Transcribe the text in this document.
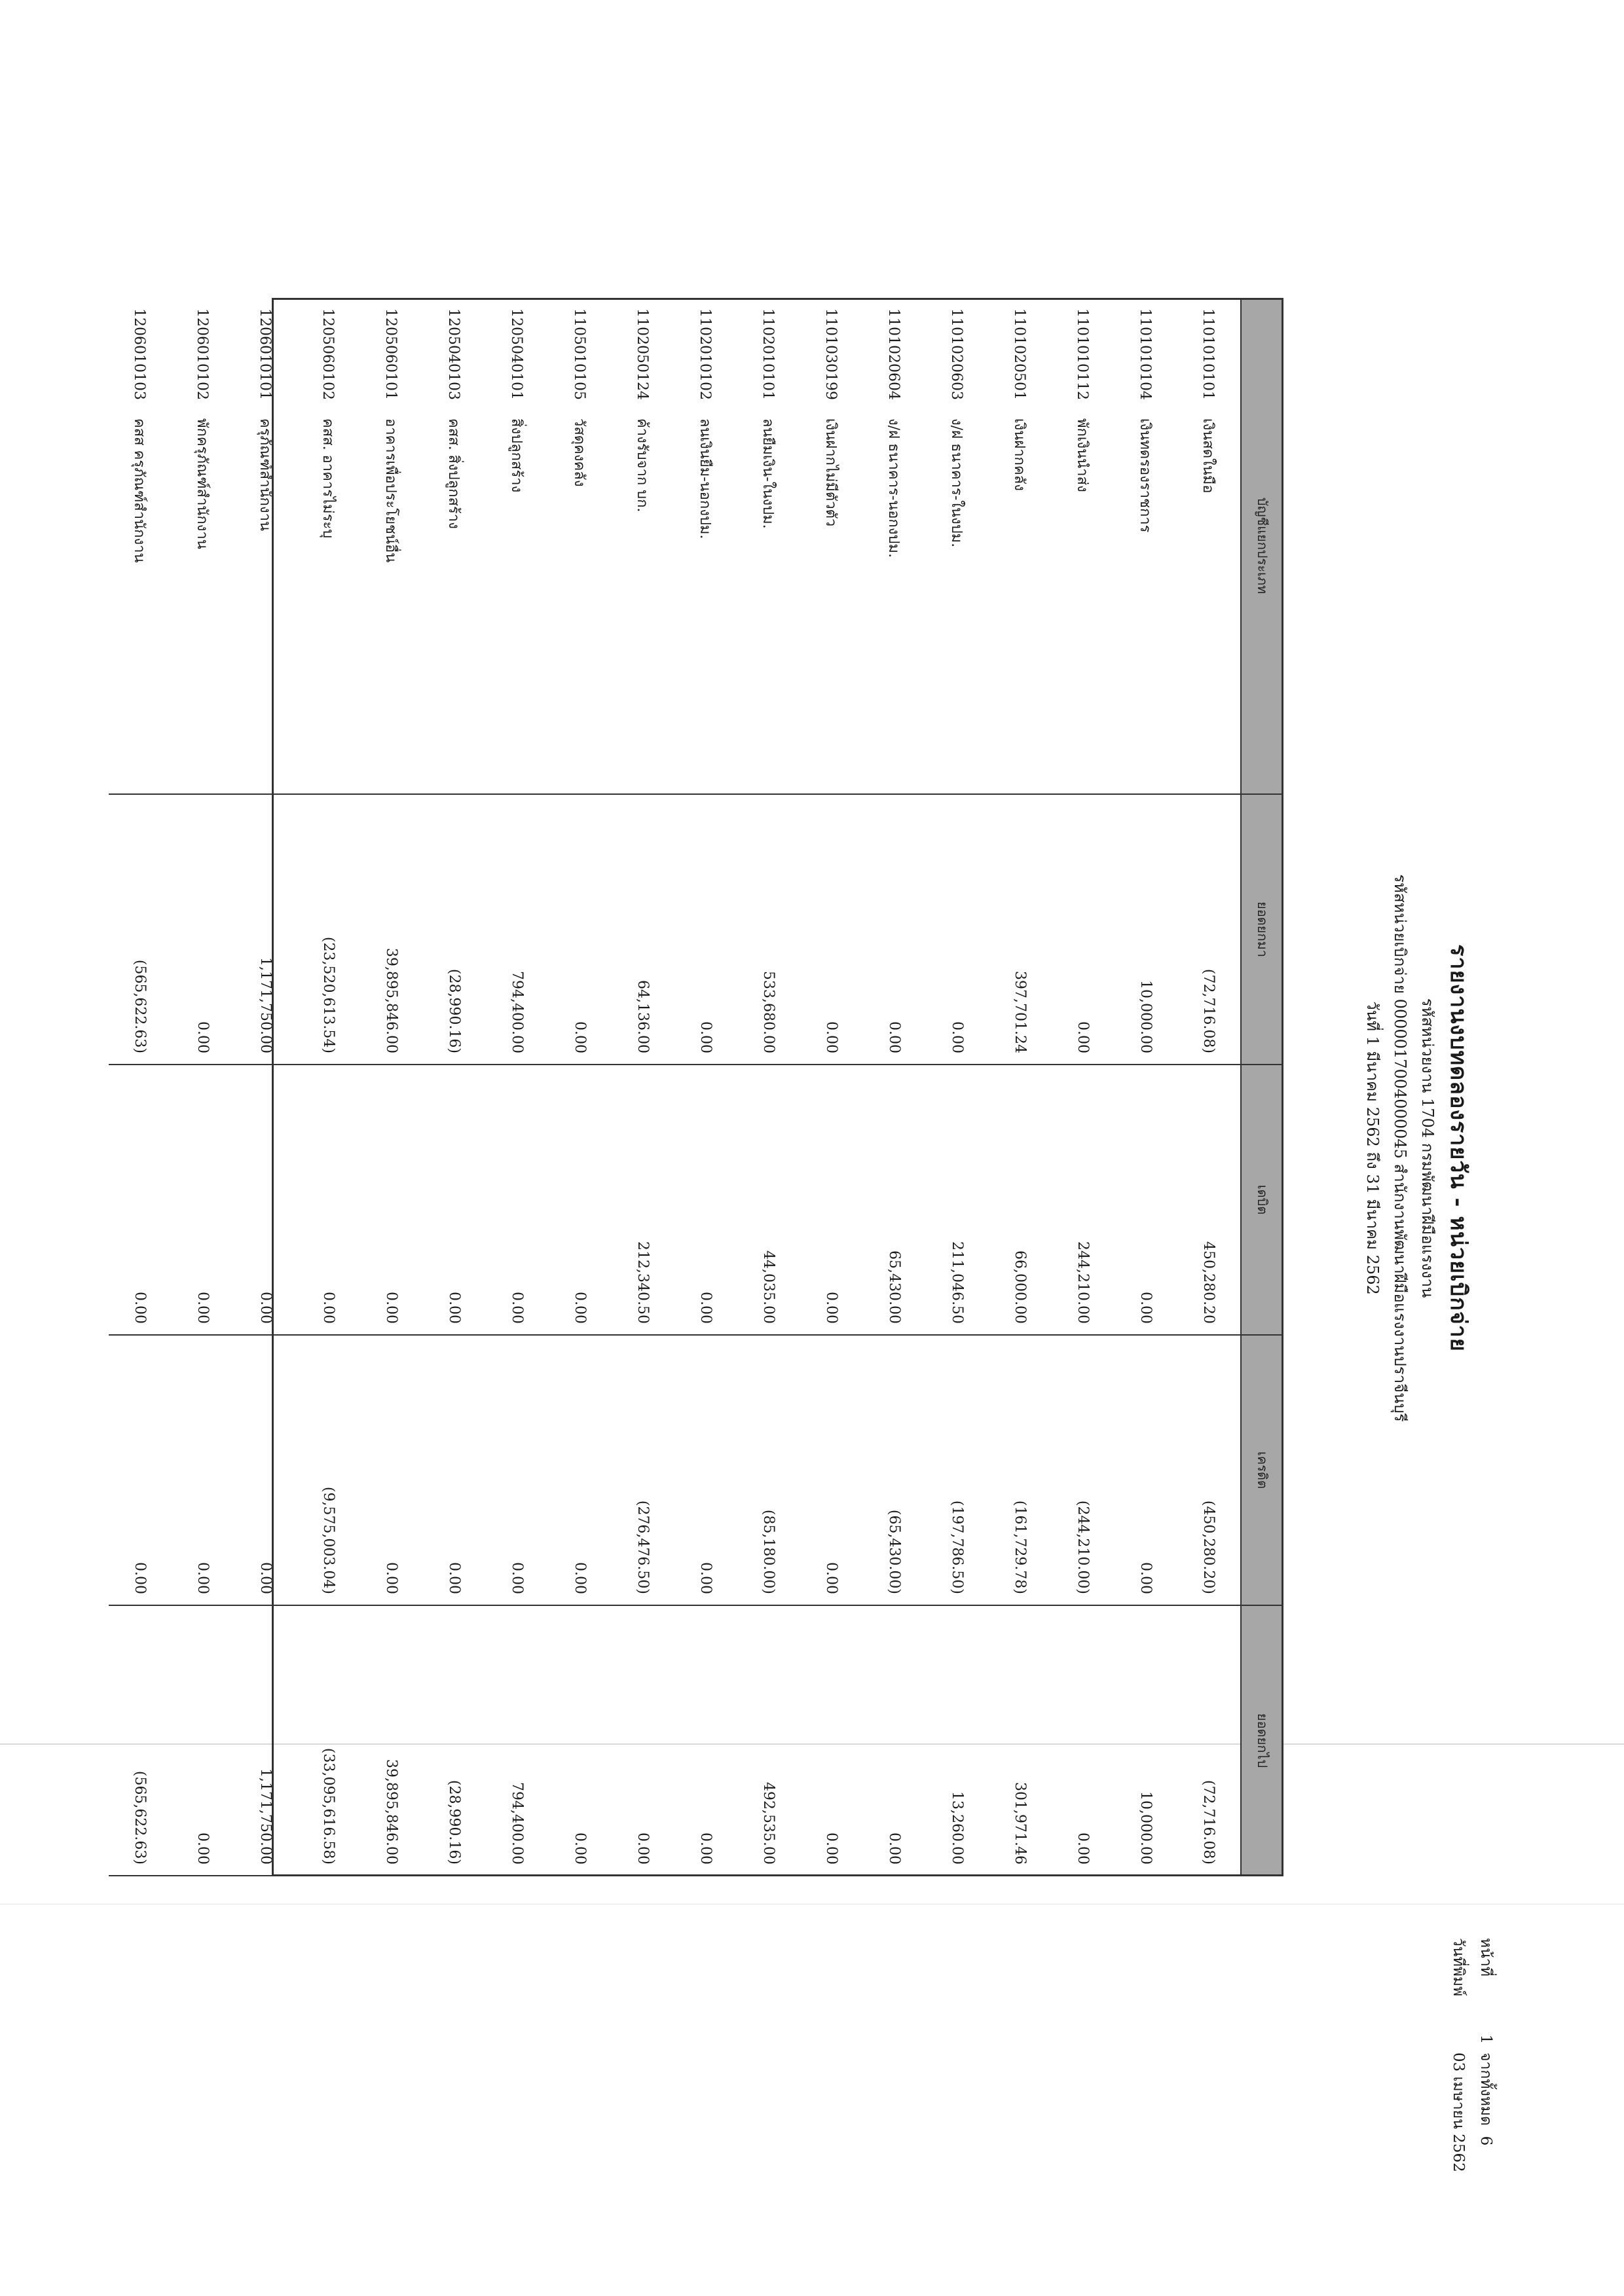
รายงานงบทดลองรายวัน - หน่วยเบิกจ่าย
รหัสหน่วยงาน 1704 กรมพัฒนาฝีมือแรงงาน
รหัสหน่วยเบิกจ่าย 0000017004000045 สำนักงานพัฒนาฝีมือแรงงานปราจีนบุรี
วันที่ 1 มีนาคม 2562 ถึง 31 มีนาคม 2562
หน้าที่
1
จากทั้งหมด
6
วันที่พิมพ์
03 เมษายน 2562
บัญชีแยกประเภท	ยอดยกมา	เดบิต	เครดิต	ยอดยกไป
1101010101เงินสดในมือ	(72,716.08)	450,280.20	(450,280.20)	(72,716.08)
1101010104เงินทดรองราชการ	10,000.00	0.00	0.00	10,000.00
1101010112พักเงินนำส่ง	0.00	244,210.00	(244,210.00)	0.00
1101020501เงินฝากคลัง	397,701.24	66,000.00	(161,729.78)	301,971.46
1101020603ง/ฝ ธนาคาร-ในงปม.	0.00	211,046.50	(197,786.50)	13,260.00
1101020604ง/ฝ ธนาคาร-นอกงปม.	0.00	65,430.00	(65,430.00)	0.00
1101030199เงินฝากไม่มีตัวตัว	0.00	0.00	0.00	0.00
1102010101ลนยืมเงิน-ในงปม.	533,680.00	44,035.00	(85,180.00)	492,535.00
1102010102ลนเงินยืม-นอกงปม.	0.00	0.00	0.00	0.00
1102050124ค้างรับจาก บก.	64,136.00	212,340.50	(276,476.50)	0.00
1105010105วัสดุคงคลัง	0.00	0.00	0.00	0.00
1205040101สิ่งปลูกสร้าง	794,400.00	0.00	0.00	794,400.00
1205040103คสส. สิ่งปลูกสร้าง	(28,990.16)	0.00	0.00	(28,990.16)
1205060101อาคารเพื่อประโยชน์อื่น	39,895,846.00	0.00	0.00	39,895,846.00
1205060102คสส. อาคารไม่ระบุ	(23,520,613.54)	0.00	(9,575,003.04)	(33,095,616.58)
1206010101ครุภัณฑ์สำนักงาน	1,171,750.00	0.00	0.00	1,171,750.00
1206010102พักครุภัณฑ์สำนักงาน	0.00	0.00	0.00	0.00
1206010103คสส ครุภัณฑ์สำนักงาน	(565,622.63)	0.00	0.00	(565,622.63)
